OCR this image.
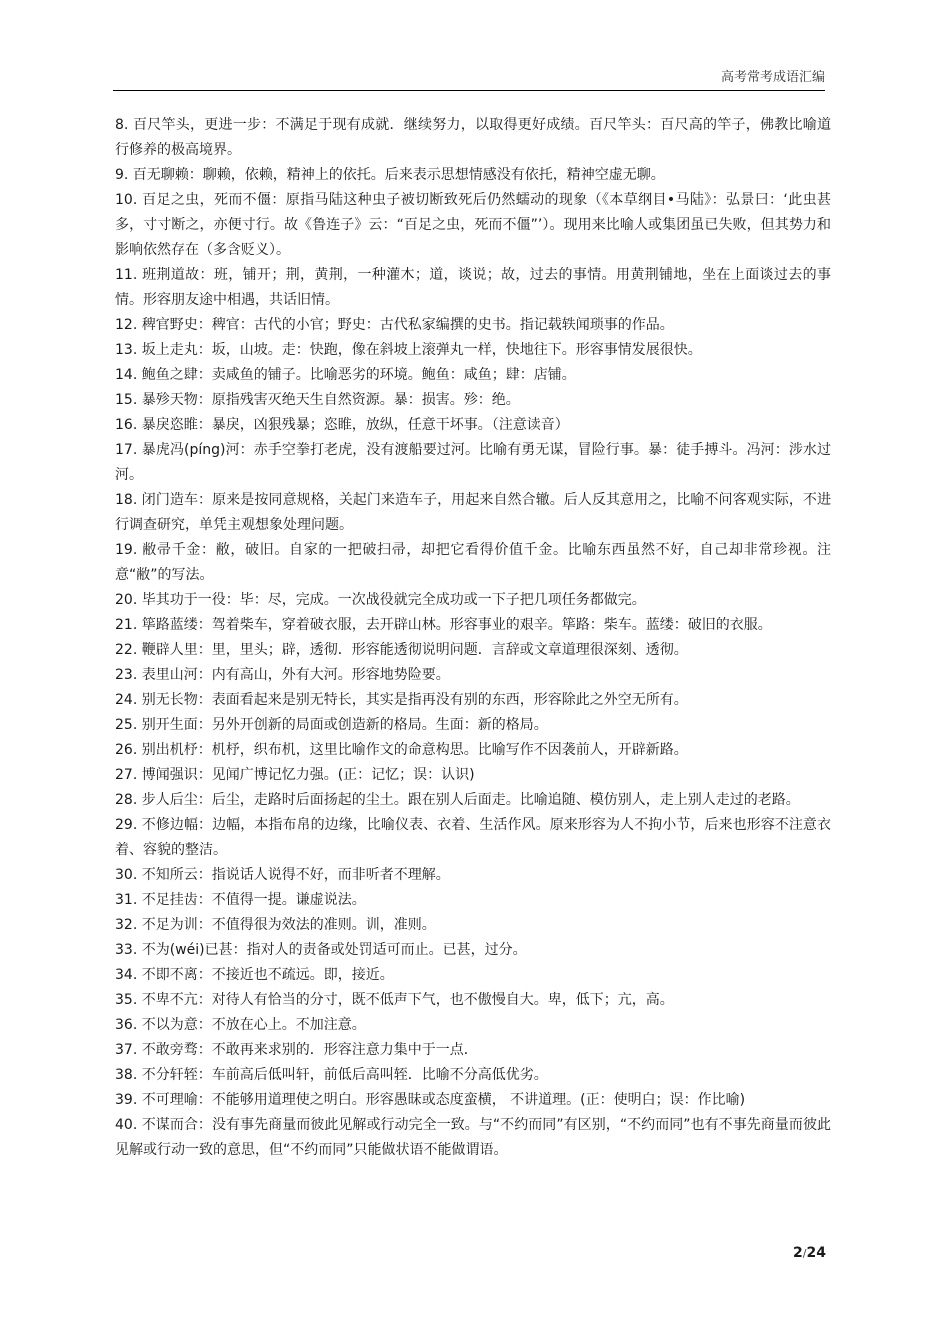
高考常考成语汇编

8. 百尺竿头，更进一步：不满足于现有成就．继续努力，以取得更好成绩。百尺竿头：百尺高的竿子，佛教比喻道行修养的极高境界。

9. 百无聊赖：聊赖，依赖，精神上的依托。后来表示思想情感没有依托，精神空虚无聊。

10. 百足之虫，死而不僵：原指马陆这种虫子被切断致死后仍然蠕动的现象（《本草纲目•马陆》：弘景曰：‘此虫甚多，寸寸断之，亦便寸行。故《鲁连子》云：“百足之虫，死而不僵”’）。现用来比喻人或集团虽已失败，但其势力和影响依然存在（多含贬义）。

11. 班荆道故：班，铺开；荆，黄荆，一种灌木；道，谈说；故，过去的事情。用黄荆铺地，坐在上面谈过去的事情。形容朋友途中相遇，共话旧情。

12. 稗官野史：稗官：古代的小官；野史：古代私家编撰的史书。指记载轶闻琐事的作品。

13. 坂上走丸：坂，山坡。走：快跑，像在斜坡上滚弹丸一样，快地往下。形容事情发展很快。

14. 鲍鱼之肆：卖咸鱼的铺子。比喻恶劣的环境。鲍鱼：咸鱼；肆：店铺。

15. 暴殄天物：原指残害灭绝天生自然资源。暴：损害。殄：绝。

16. 暴戾恣睢：暴戾，凶狠残暴；恣睢，放纵，任意干坏事。（注意读音）

17. 暴虎冯(píng)河：赤手空拳打老虎，没有渡船要过河。比喻有勇无谋，冒险行事。暴：徒手搏斗。冯河：涉水过河。

18. 闭门造车：原来是按同意规格，关起门来造车子，用起来自然合辙。后人反其意用之，比喻不问客观实际，不进行调查研究，单凭主观想象处理问题。

19. 敝帚千金：敝，破旧。自家的一把破扫帚，却把它看得价值千金。比喻东西虽然不好，自己却非常珍视。注意“敝”的写法。

20. 毕其功于一役：毕：尽，完成。一次战役就完全成功或一下子把几项任务都做完。

21. 筚路蓝缕：驾着柴车，穿着破衣服，去开辟山林。形容事业的艰辛。筚路：柴车。蓝缕：破旧的衣服。

22. 鞭辟人里：里，里头；辟，透彻．形容能透彻说明问题．言辞或文章道理很深刻、透彻。

23. 表里山河：内有高山，外有大河。形容地势险要。

24. 别无长物：表面看起来是别无特长，其实是指再没有别的东西，形容除此之外空无所有。

25. 别开生面：另外开创新的局面或创造新的格局。生面：新的格局。

26. 别出机杼：机杼，织布机，这里比喻作文的命意构思。比喻写作不因袭前人，开辟新路。

27. 博闻强识：见闻广博记忆力强。(正：记忆；误：认识)

28. 步人后尘：后尘，走路时后面扬起的尘土。跟在别人后面走。比喻追随、模仿别人，走上别人走过的老路。

29. 不修边幅：边幅，本指布帛的边缘，比喻仪表、衣着、生活作风。原来形容为人不拘小节，后来也形容不注意衣着、容貌的整洁。

30. 不知所云：指说话人说得不好，而非听者不理解。

31. 不足挂齿：不值得一提。谦虚说法。

32. 不足为训：不值得很为效法的准则。训，准则。

33. 不为(wéi)已甚：指对人的责备或处罚适可而止。已甚，过分。

34. 不即不离：不接近也不疏远。即，接近。

35. 不卑不亢：对待人有恰当的分寸，既不低声下气，也不傲慢自大。卑，低下；亢，高。

36. 不以为意：不放在心上。不加注意。

37. 不敢旁骛：不敢再来求别的．形容注意力集中于一点．

38. 不分轩轾：车前高后低叫轩，前低后高叫轾．比喻不分高低优劣。

39. 不可理喻：不能够用道理使之明白。形容愚昧或态度蛮横， 不讲道理。(正：使明白；误：作比喻)

40. 不谋而合：没有事先商量而彼此见解或行动完全一致。与“不约而同”有区别，“不约而同”也有不事先商量而彼此见解或行动一致的意思，但“不约而同”只能做状语不能做谓语。

2/24
